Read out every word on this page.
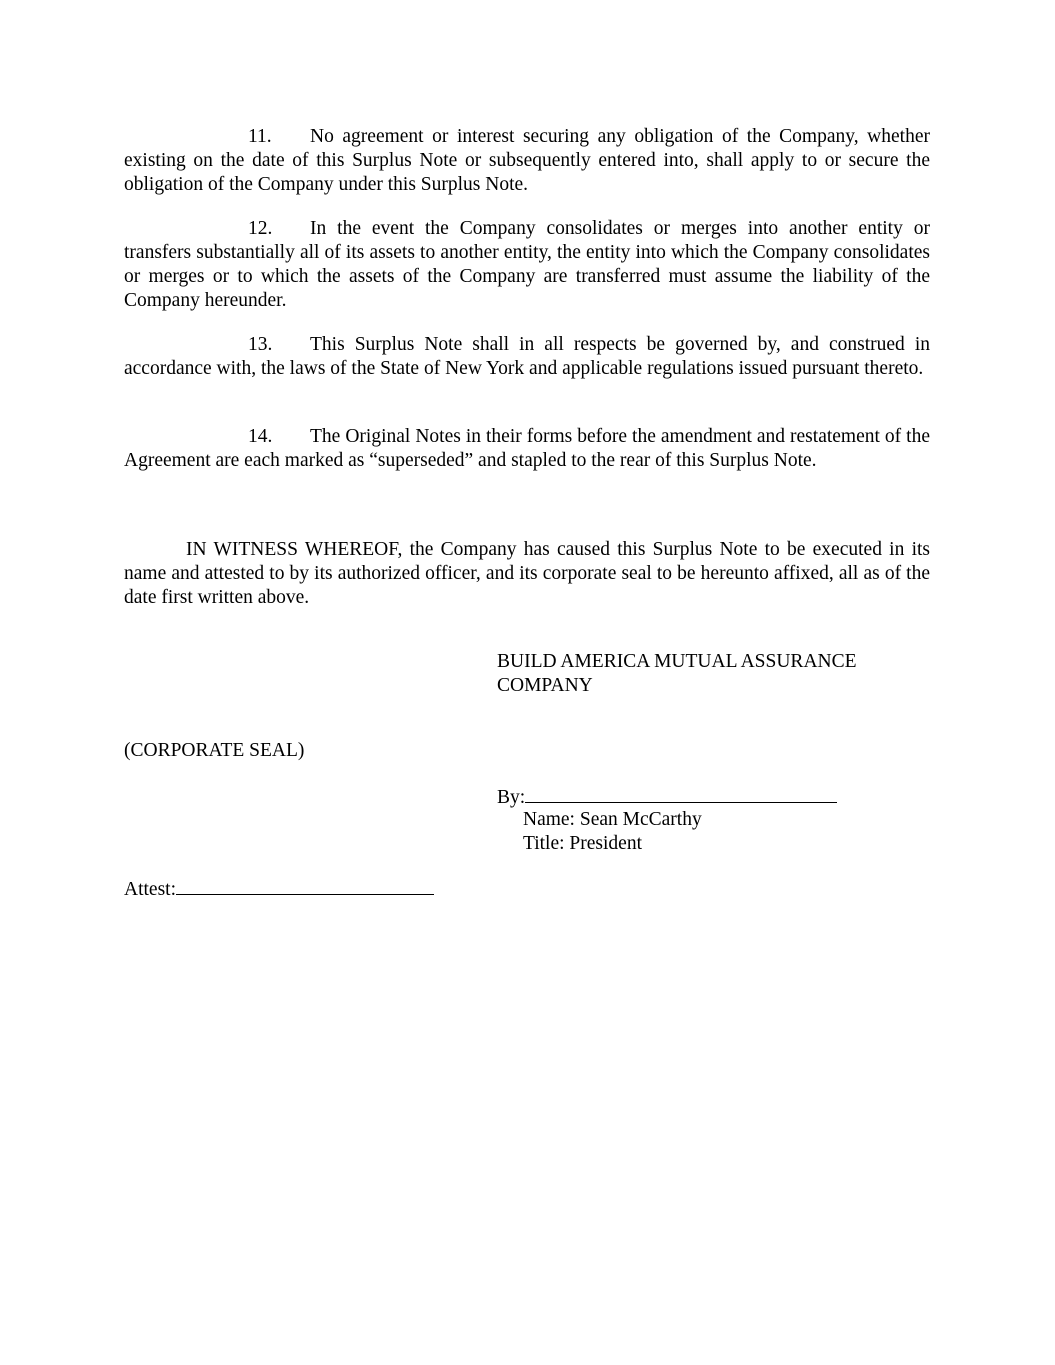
11. No agreement or interest securing any obligation of the Company, whether existing on the date of this Surplus Note or subsequently entered into, shall apply to or secure the obligation of the Company under this Surplus Note.

12. In the event the Company consolidates or merges into another entity or transfers substantially all of its assets to another entity, the entity into which the Company consolidates or merges or to which the assets of the Company are transferred must assume the liability of the Company hereunder.

13. This Surplus Note shall in all respects be governed by, and construed in accordance with, the laws of the State of New York and applicable regulations issued pursuant thereto.

14. The Original Notes in their forms before the amendment and restatement of the Agreement are each marked as “superseded” and stapled to the rear of this Surplus Note.

IN WITNESS WHEREOF, the Company has caused this Surplus Note to be executed in its name and attested to by its authorized officer, and its corporate seal to be hereunto affixed, all as of the date first written above.

BUILD AMERICA MUTUAL ASSURANCE

COMPANY

(CORPORATE SEAL)

By:

Name: Sean McCarthy

Title: President

Attest:
